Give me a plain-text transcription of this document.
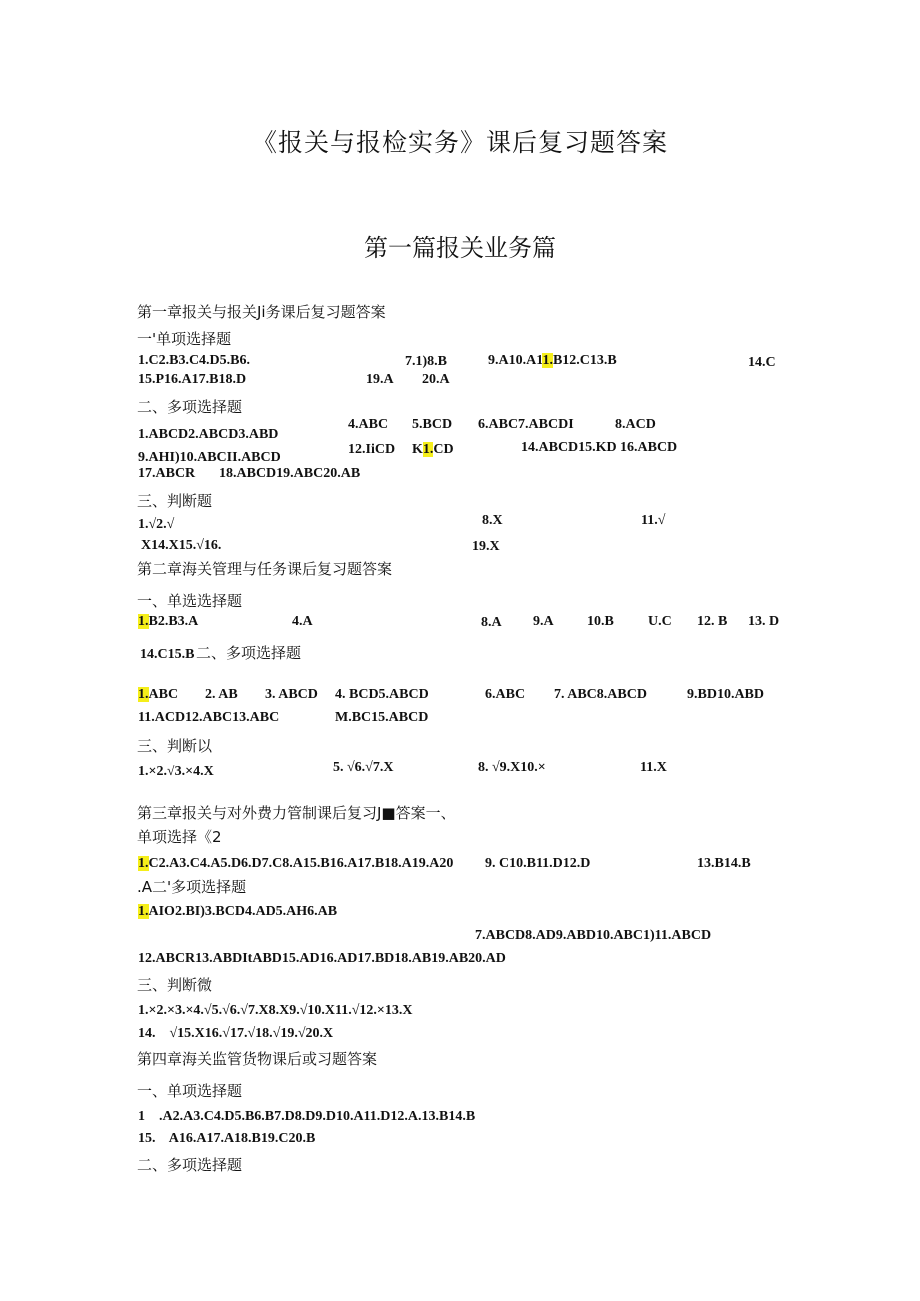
《报关与报检实务》课后复习题答案
第一篇报关业务篇
第一章报关与报关Ji务课后复习题答案
一'单项选择题
1.C2.B3.C4.D5.B6.	7.1)8.B	9.A10.A11.B12.C13.B	14.C
15.P16.A17.B18.D	19.A 20.A
二、多项选择题
4.ABC 5.BCD 6.ABC7.ABCDI	8.ACD
1.ABCD2.ABCD3.ABD
12.IiCD K1.CD	14.ABCD15.KD 16.ABCD
9.AHI)10.ABCII.ABCD
17.ABCR 18.ABCD19.ABC20.AB
三、判断题
1.√2.√	8.X	11.√
X14.X15.√16.	19.X
第二章海关管理与任务课后复习题答案
一、单选选择题
1.B2.B3.A	4.A	8.A 9.A 10.B U.C 12. B 13. D
14.C15.B 二、多项选择题
1.ABC 2. AB 3. ABCD 4. BCD5.ABCD	6.ABC 7. ABC8.ABCD	9.BD10.ABD
11.ACD12.ABC13.ABC	M.BC15.ABCD
三、判断以
1.×2.√3.×4.X	5. √6.√7.X	8. √9.X10.×	11.X
第三章报关与对外费力管制课后复习J■答案一、
单项选择《2
1.C2.A3.C4.A5.D6.D7.C8.A15.B16.A17.B18.A19.A20 9. C10.B11.D12.D	13.B14.B
.A二'多项选择题
1.AIO2.BI)3.BCD4.AD5.AH6.AB
7.ABCD8.AD9.ABD10.ABC1)11.ABCD
12.ABCR13.ABDItABD15.AD16.AD17.BD18.AB19.AB20.AD
三、判断微
1.×2.×3.×4.√5.√6.√7.X8.X9.√10.X11.√12.×13.X
14.    √15.X16.√17.√18.√19.√20.X
第四章海关监管货物课后或习题答案
一、单项选择题
1    .A2.A3.C4.D5.B6.B7.D8.D9.D10.A11.D12.A.13.B14.B
15.    A16.A17.A18.B19.C20.B
二、多项选择题
